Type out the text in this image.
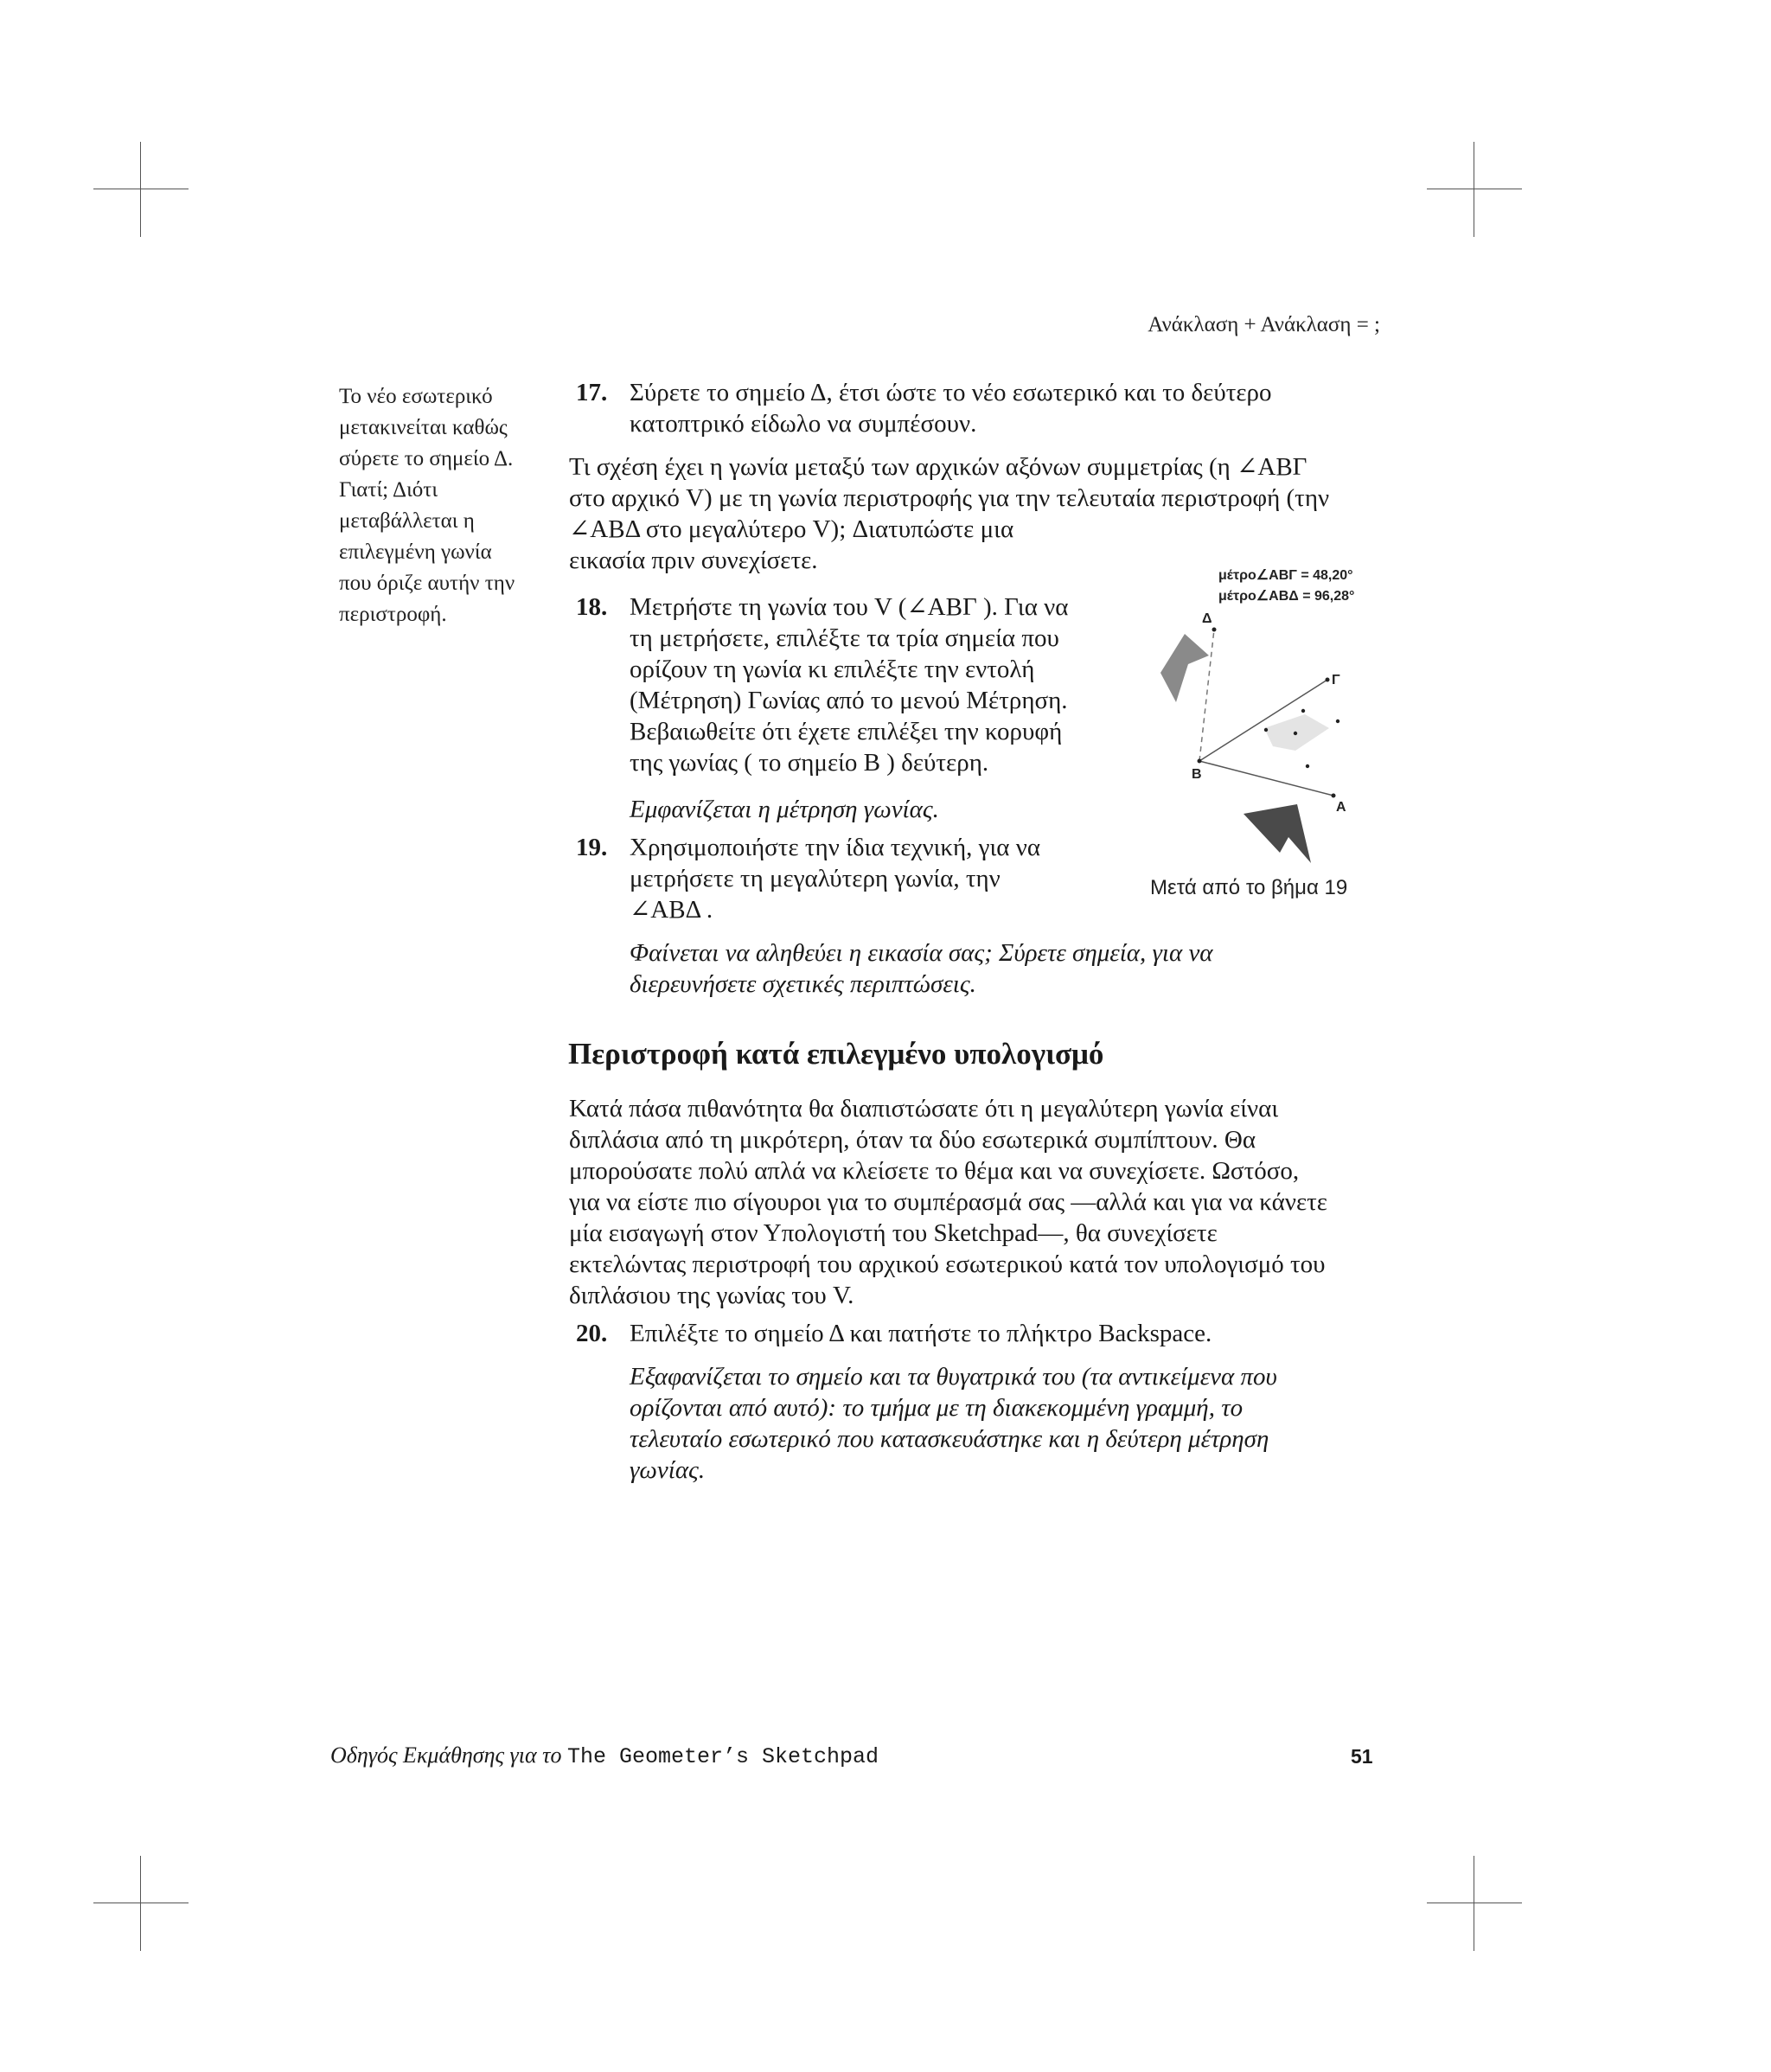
Ανάκλαση + Ανάκλαση = ;
Το νέο εσωτερικό
μετακινείται καθώς
σύρετε το σημείο Δ.
Γιατί; Διότι
μεταβάλλεται η
επιλεγμένη γωνία
που όριζε αυτήν την
περιστροφή.
17. Σύρετε το σημείο Δ, έτσι ώστε το νέο εσωτερικό και το δεύτερο
κατοπτρικό είδωλο να συμπέσουν.
Τι σχέση έχει η γωνία μεταξύ των αρχικών αξόνων συμμετρίας (η ∠ΑΒΓ
στο αρχικό V) με τη γωνία περιστροφής για την τελευταία περιστροφή (την
∠ΑΒΔ στο μεγαλύτερο V); Διατυπώστε μια
εικασία πριν συνεχίσετε.
18. Μετρήστε τη γωνία του V (∠ΑΒΓ ). Για να
τη μετρήσετε, επιλέξτε τα τρία σημεία που
ορίζουν τη γωνία κι επιλέξτε την εντολή
(Μέτρηση) Γωνίας από το μενού Μέτρηση.
Βεβαιωθείτε ότι έχετε επιλέξει την κορυφή
της γωνίας ( το σημείο B ) δεύτερη.
Εμφανίζεται η μέτρηση γωνίας.
19. Χρησιμοποιήστε την ίδια τεχνική, για να
μετρήσετε τη μεγαλύτερη γωνία, την
∠ΑΒΔ .
Φαίνεται να αληθεύει η εικασία σας; Σύρετε σημεία, για να
διερευνήσετε σχετικές περιπτώσεις.
μέτρο∠ΑΒΓ = 48,20°
μέτρο∠ΑΒΔ = 96,28°
Δ
Γ
Β
Α
Μετά από το βήμα 19
Περιστροφή κατά επιλεγμένο υπολογισμό
Κατά πάσα πιθανότητα θα διαπιστώσατε ότι η μεγαλύτερη γωνία είναι
διπλάσια από τη μικρότερη, όταν τα δύο εσωτερικά συμπίπτουν. Θα
μπορούσατε πολύ απλά να κλείσετε το θέμα και να συνεχίσετε. Ωστόσο,
για να είστε πιο σίγουροι για το συμπέρασμά σας —αλλά και για να κάνετε
μία εισαγωγή στον Υπολογιστή του Sketchpad—, θα συνεχίσετε
εκτελώντας περιστροφή του αρχικού εσωτερικού κατά τον υπολογισμό του
διπλάσιου της γωνίας του V.
20. Επιλέξτε το σημείο Δ και πατήστε το πλήκτρο Backspace.
Εξαφανίζεται το σημείο και τα θυγατρικά του (τα αντικείμενα που
ορίζονται από αυτό): το τμήμα με τη διακεκομμένη γραμμή, το
τελευταίο εσωτερικό που κατασκευάστηκε και η δεύτερη μέτρηση
γωνίας.
Οδηγός Εκμάθησης για το The Geometer’s Sketchpad	51
